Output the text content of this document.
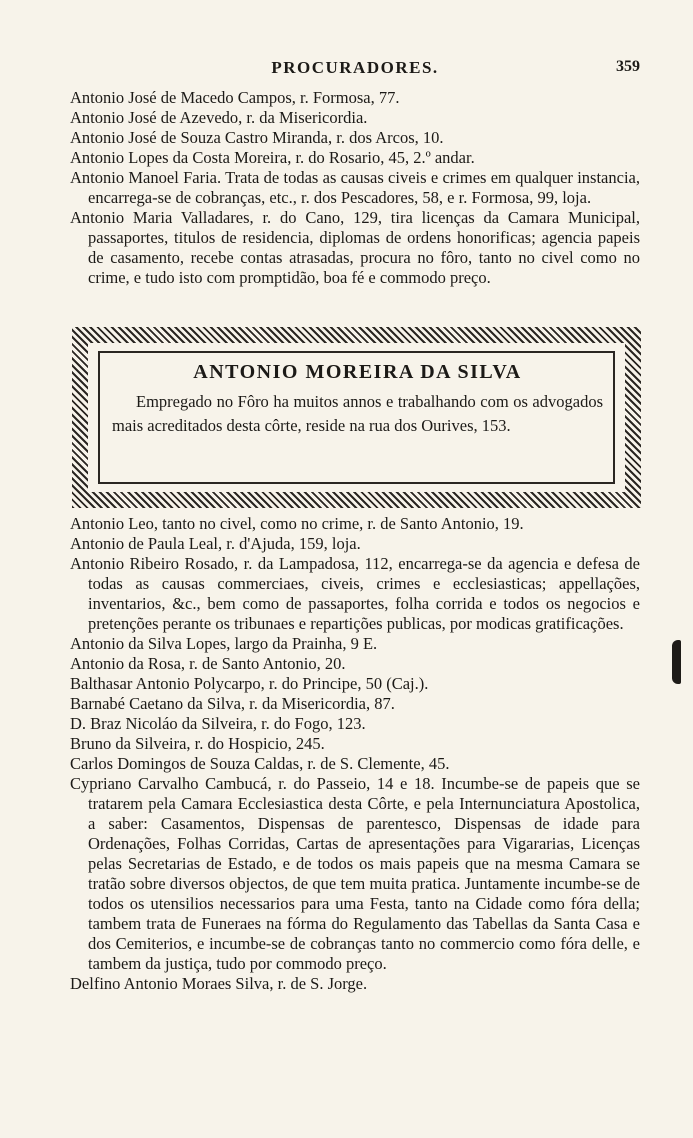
PROCURADORES.	359

Antonio José de Macedo Campos, r. Formosa, 77.

Antonio José de Azevedo, r. da Misericordia.

Antonio José de Souza Castro Miranda, r. dos Arcos, 10.

Antonio Lopes da Costa Moreira, r. do Rosario, 45, 2.º andar.

Antonio Manoel Faria. Trata de todas as causas civeis e crimes em qualquer instancia, encarrega-se de cobranças, etc., r. dos Pescadores, 58, e r. Formosa, 99, loja.

Antonio Maria Valladares, r. do Cano, 129, tira licenças da Camara Municipal, passaportes, titulos de residencia, diplomas de ordens honorificas; agencia papeis de casamento, recebe contas atrasadas, procura no fôro, tanto no civel como no crime, e tudo isto com promptidão, boa fé e commodo preço.

ANTONIO MOREIRA DA SILVA

Empregado no Fôro ha muitos annos e trabalhando com os advogados mais acreditados desta côrte, reside na rua dos Ourives, 153.

Antonio Leo, tanto no civel, como no crime, r. de Santo Antonio, 19.

Antonio de Paula Leal, r. d'Ajuda, 159, loja.

Antonio Ribeiro Rosado, r. da Lampadosa, 112, encarrega-se da agencia e defesa de todas as causas commerciaes, civeis, crimes e ecclesiasticas; appellações, inventarios, &c., bem como de passaportes, folha corrida e todos os negocios e pretenções perante os tribunaes e repartições publicas, por modicas gratificações.

Antonio da Silva Lopes, largo da Prainha, 9 E.

Antonio da Rosa, r. de Santo Antonio, 20.

Balthasar Antonio Polycarpo, r. do Principe, 50 (Caj.).

Barnabé Caetano da Silva, r. da Misericordia, 87.

D. Braz Nicoláo da Silveira, r. do Fogo, 123.

Bruno da Silveira, r. do Hospicio, 245.

Carlos Domingos de Souza Caldas, r. de S. Clemente, 45.

Cypriano Carvalho Cambucá, r. do Passeio, 14 e 18. Incumbe-se de papeis que se tratarem pela Camara Ecclesiastica desta Côrte, e pela Internunciatura Apostolica, a saber: Casamentos, Dispensas de parentesco, Dispensas de idade para Ordenações, Folhas Corridas, Cartas de apresentações para Vigararias, Licenças pelas Secretarias de Estado, e de todos os mais papeis que na mesma Camara se tratão sobre diversos objectos, de que tem muita pratica. Juntamente incumbe-se de todos os utensilios necessarios para uma Festa, tanto na Cidade como fóra della; tambem trata de Funeraes na fórma do Regulamento das Tabellas da Santa Casa e dos Cemiterios, e incumbe-se de cobranças tanto no commercio como fóra delle, e tambem da justiça, tudo por commodo preço.

Delfino Antonio Moraes Silva, r. de S. Jorge.
